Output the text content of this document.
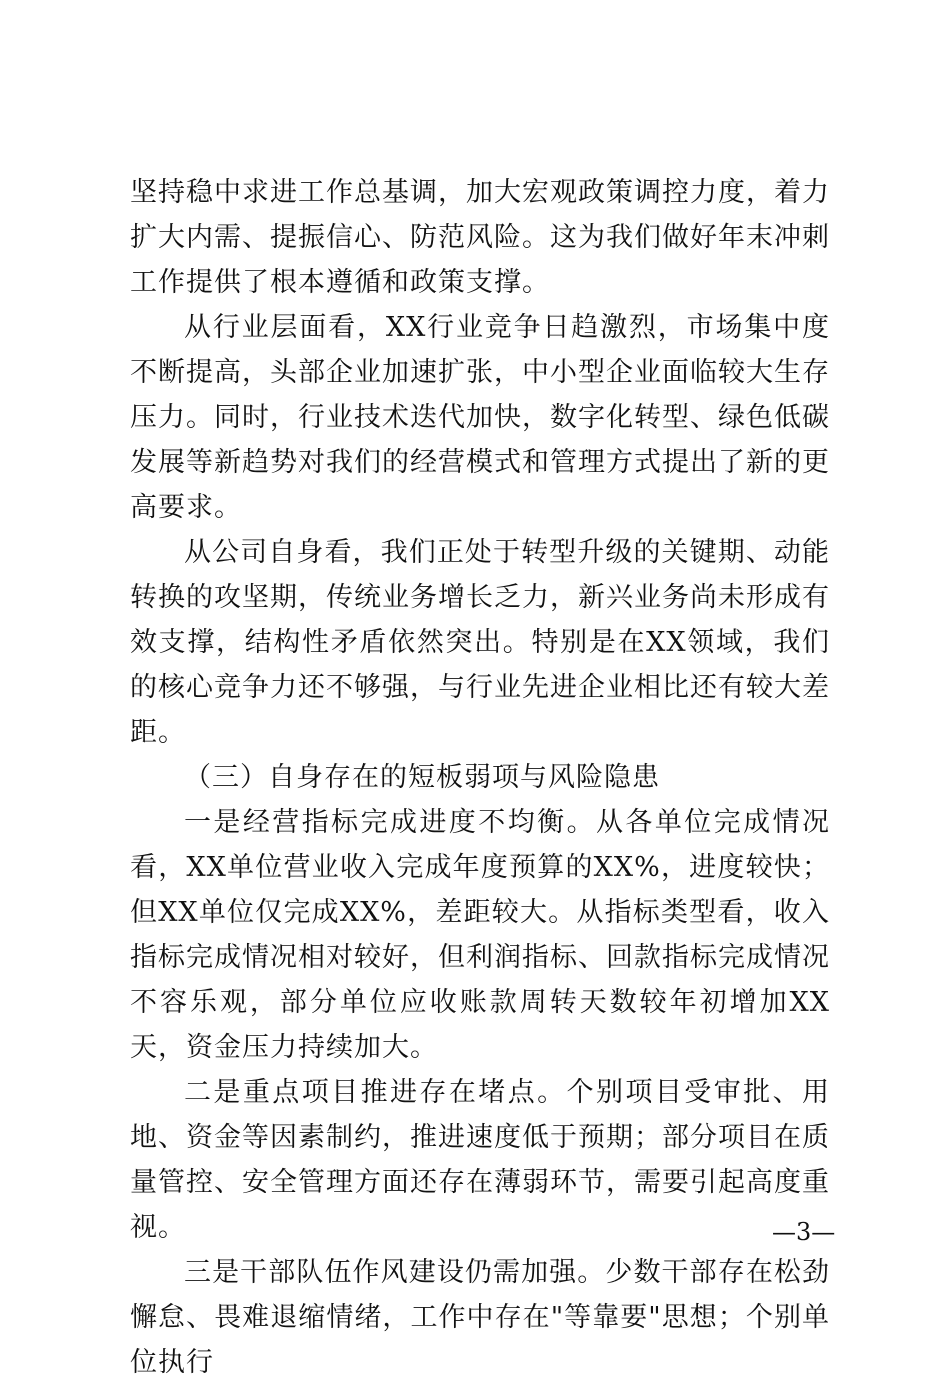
坚持稳中求进工作总基调，加大宏观政策调控力度，着力扩大内需、提振信心、防范风险。这为我们做好年末冲刺工作提供了根本遵循和政策支撑。

从行业层面看，XX行业竞争日趋激烈，市场集中度不断提高，头部企业加速扩张，中小型企业面临较大生存压力。同时，行业技术迭代加快，数字化转型、绿色低碳发展等新趋势对我们的经营模式和管理方式提出了新的更高要求。

从公司自身看，我们正处于转型升级的关键期、动能转换的攻坚期，传统业务增长乏力，新兴业务尚未形成有效支撑，结构性矛盾依然突出。特别是在XX领域，我们的核心竞争力还不够强，与行业先进企业相比还有较大差距。

（三）自身存在的短板弱项与风险隐患

一是经营指标完成进度不均衡。从各单位完成情况看，XX单位营业收入完成年度预算的XX%，进度较快；但XX单位仅完成XX%，差距较大。从指标类型看，收入指标完成情况相对较好，但利润指标、回款指标完成情况不容乐观，部分单位应收账款周转天数较年初增加XX天，资金压力持续加大。

二是重点项目推进存在堵点。个别项目受审批、用地、资金等因素制约，推进速度低于预期；部分项目在质量管控、安全管理方面还存在薄弱环节，需要引起高度重视。

三是干部队伍作风建设仍需加强。少数干部存在松劲懈怠、畏难退缩情绪，工作中存在"等靠要"思想；个别单位执行

—3—
